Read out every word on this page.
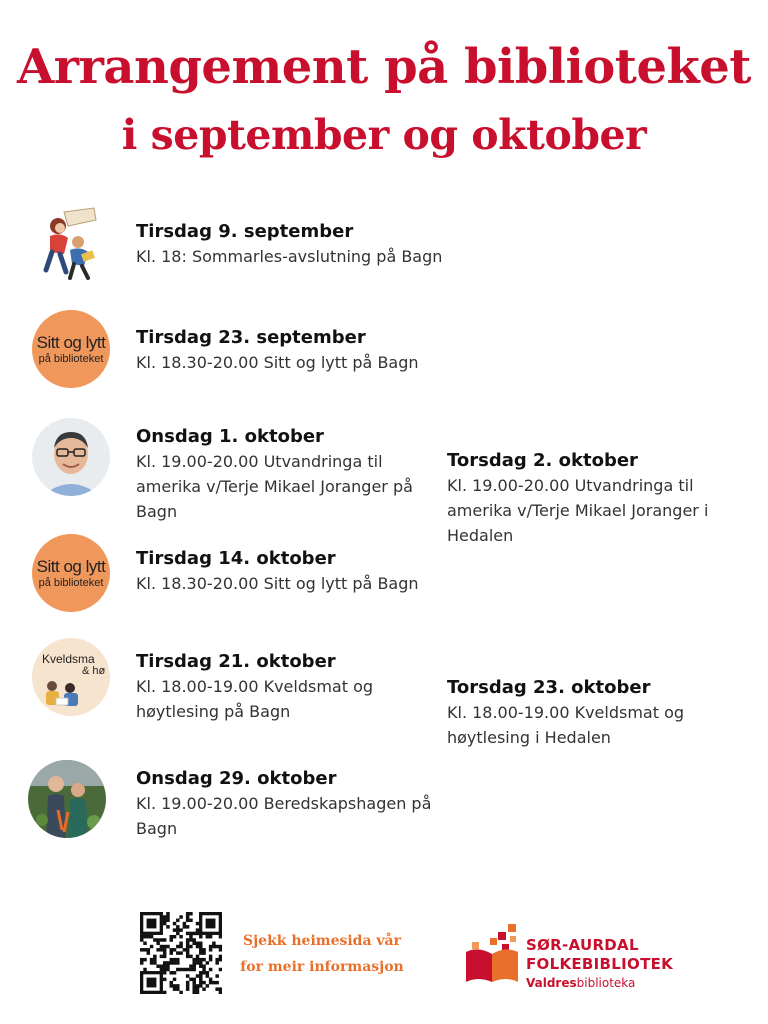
Arrangement på biblioteket
i september og oktober
Tirsdag 9. september
Kl. 18: Sommarles-avslutning på Bagn
Sitt og lytt
på biblioteket
Tirsdag 23. september
Kl. 18.30-20.00 Sitt og lytt på Bagn
Onsdag 1. oktober
Kl. 19.00-20.00 Utvandringa til amerika v/Terje Mikael Joranger på Bagn
Torsdag 2. oktober
Kl. 19.00-20.00 Utvandringa til amerika v/Terje Mikael Joranger i Hedalen
Sitt og lytt
på biblioteket
Tirsdag 14. oktober
Kl. 18.30-20.00 Sitt og lytt på Bagn
Kveldsma
& hø Tirsdag 21. oktober
Kl. 18.00-19.00 Kveldsmat og høytlesing på Bagn
Torsdag 23. oktober
Kl. 18.00-19.00 Kveldsmat og høytlesing i Hedalen
Onsdag 29. oktober
Kl. 19.00-20.00 Beredskapshagen på Bagn
Sjekk heimesida vår
for meir informasjon
SØR-AURDAL
FOLKEBIBLIOTEK
Valdresbiblioteka
